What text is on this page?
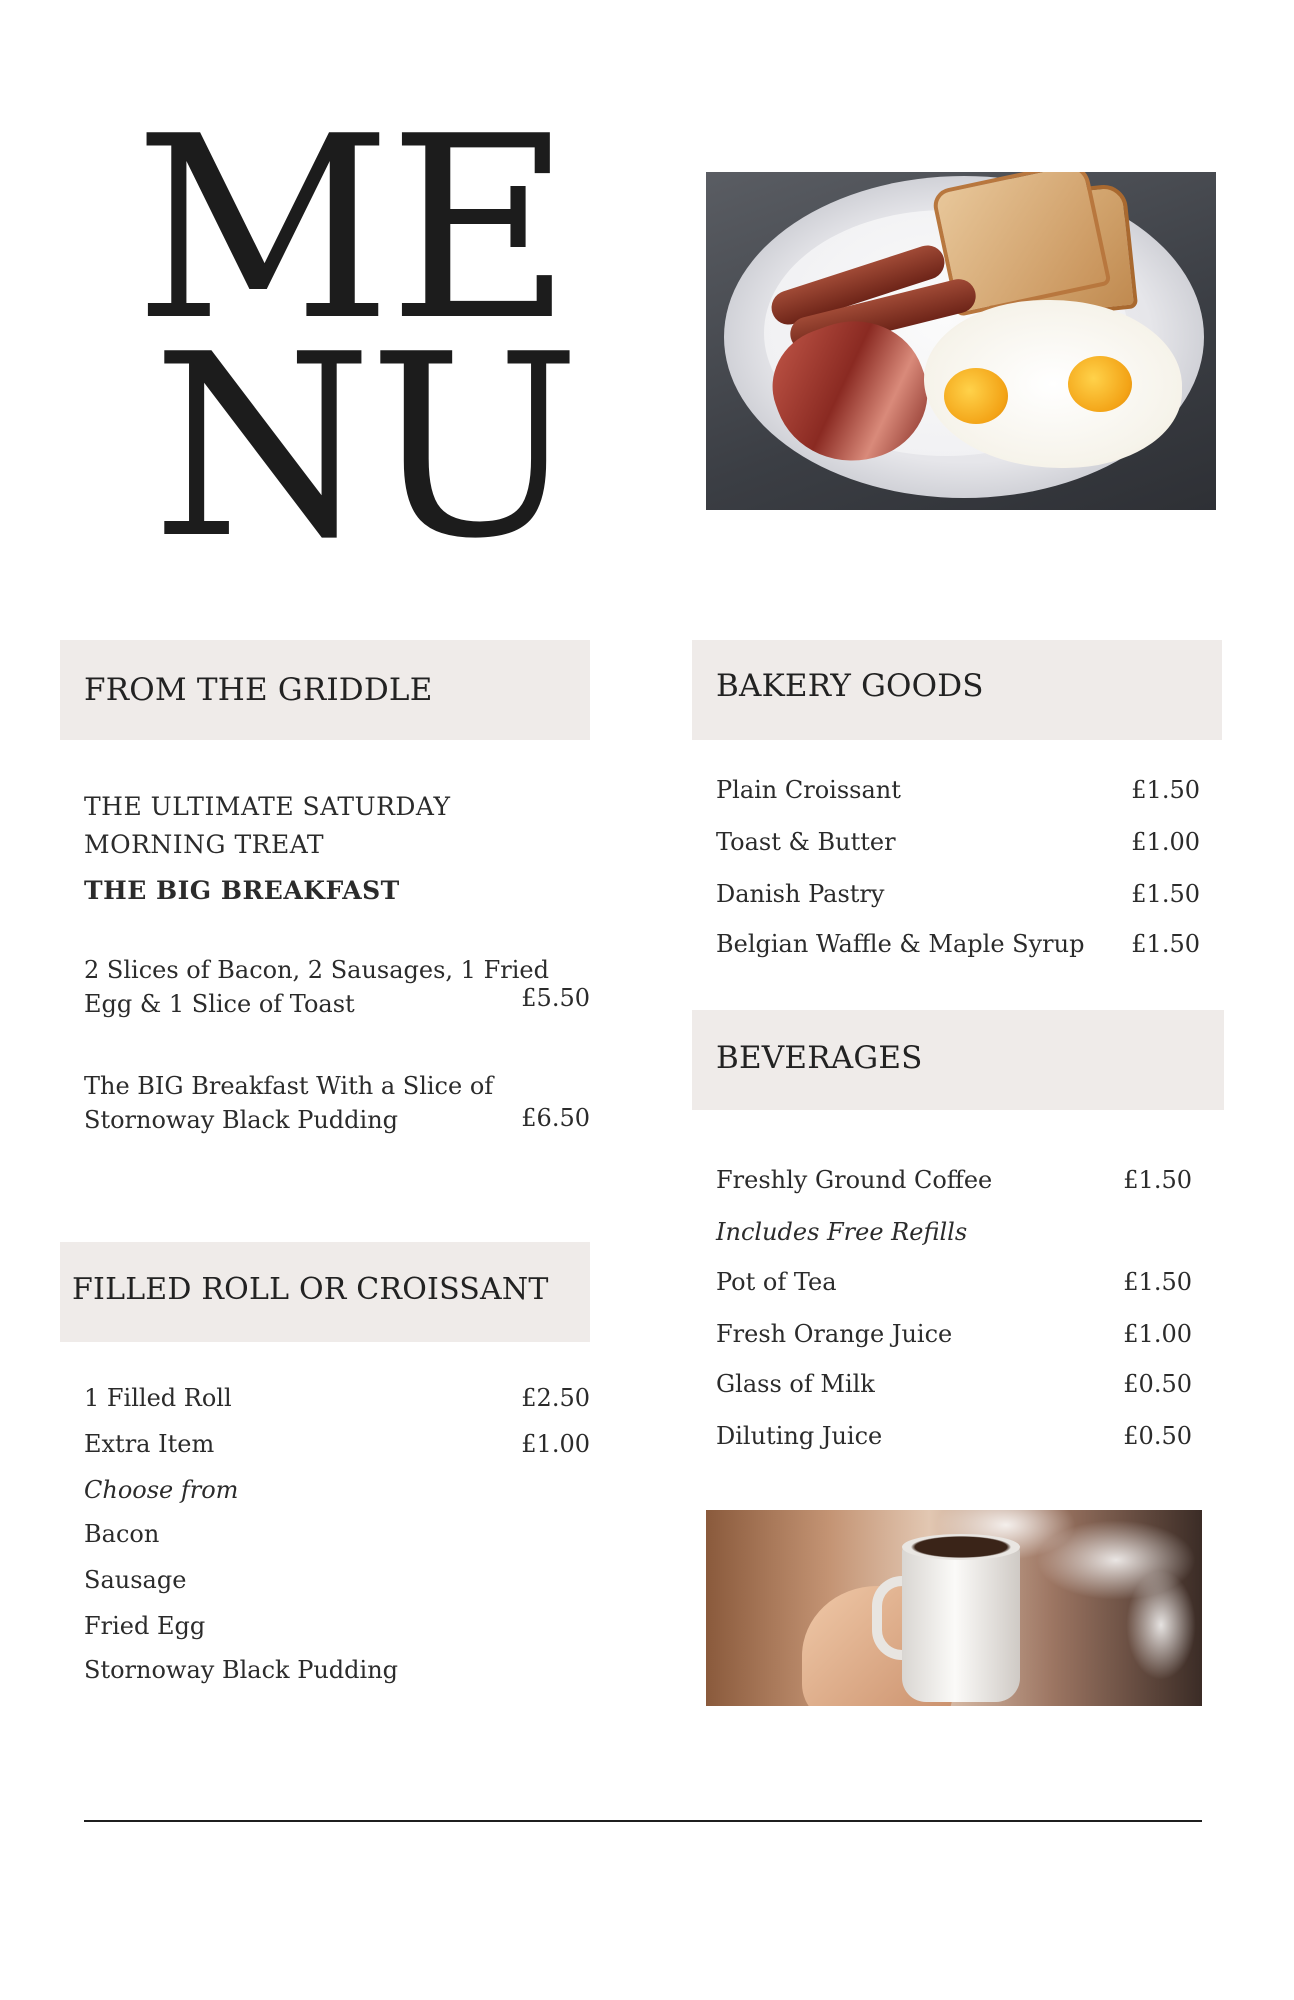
ME
NU
FROM THE GRIDDLE
THE ULTIMATE SATURDAY
MORNING TREAT
THE BIG BREAKFAST
2 Slices of Bacon, 2 Sausages, 1 Fried
Egg & 1 Slice of Toast	£5.50
The BIG Breakfast With a Slice of
Stornoway Black Pudding	£6.50
FILLED ROLL OR CROISSANT
1 Filled Roll	£2.50
Extra Item	£1.00
Choose from
Bacon
Sausage
Fried Egg
Stornoway Black Pudding
BAKERY GOODS
Plain Croissant	£1.50
Toast & Butter	£1.00
Danish Pastry	£1.50
Belgian Waffle & Maple Syrup	£1.50
BEVERAGES
Freshly Ground Coffee	£1.50
Includes Free Refills
Pot of Tea	£1.50
Fresh Orange Juice	£1.00
Glass of Milk	£0.50
Diluting Juice	£0.50
